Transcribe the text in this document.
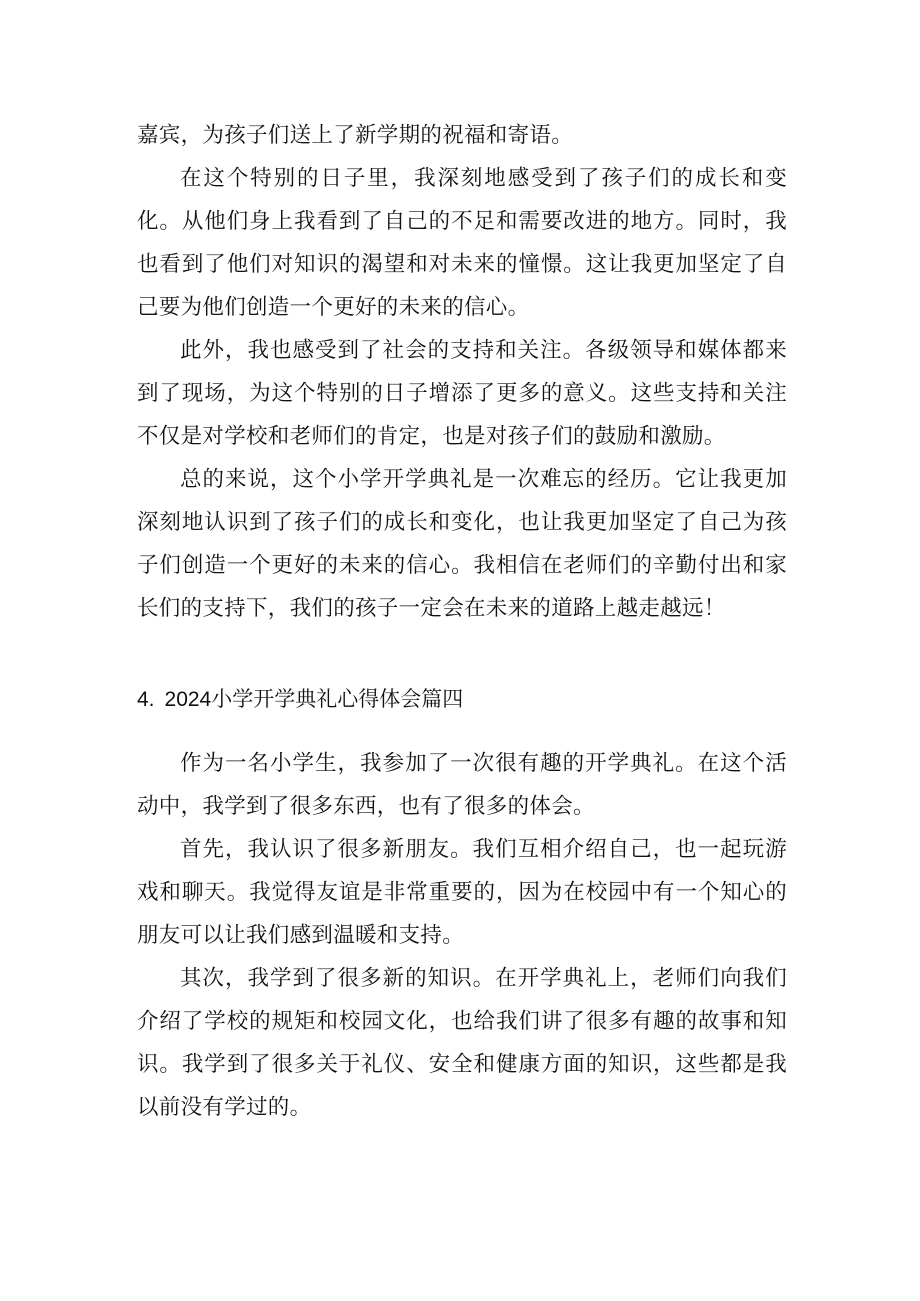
嘉宾，为孩子们送上了新学期的祝福和寄语。

在这个特别的日子里，我深刻地感受到了孩子们的成长和变化。从他们身上我看到了自己的不足和需要改进的地方。同时，我也看到了他们对知识的渴望和对未来的憧憬。这让我更加坚定了自己要为他们创造一个更好的未来的信心。

此外，我也感受到了社会的支持和关注。各级领导和媒体都来到了现场，为这个特别的日子增添了更多的意义。这些支持和关注不仅是对学校和老师们的肯定，也是对孩子们的鼓励和激励。

总的来说，这个小学开学典礼是一次难忘的经历。它让我更加深刻地认识到了孩子们的成长和变化，也让我更加坚定了自己为孩子们创造一个更好的未来的信心。我相信在老师们的辛勤付出和家长们的支持下，我们的孩子一定会在未来的道路上越走越远！

4. 2024小学开学典礼心得体会篇四

作为一名小学生，我参加了一次很有趣的开学典礼。在这个活动中，我学到了很多东西，也有了很多的体会。

首先，我认识了很多新朋友。我们互相介绍自己，也一起玩游戏和聊天。我觉得友谊是非常重要的，因为在校园中有一个知心的朋友可以让我们感到温暖和支持。

其次，我学到了很多新的知识。在开学典礼上，老师们向我们介绍了学校的规矩和校园文化，也给我们讲了很多有趣的故事和知识。我学到了很多关于礼仪、安全和健康方面的知识，这些都是我以前没有学过的。
